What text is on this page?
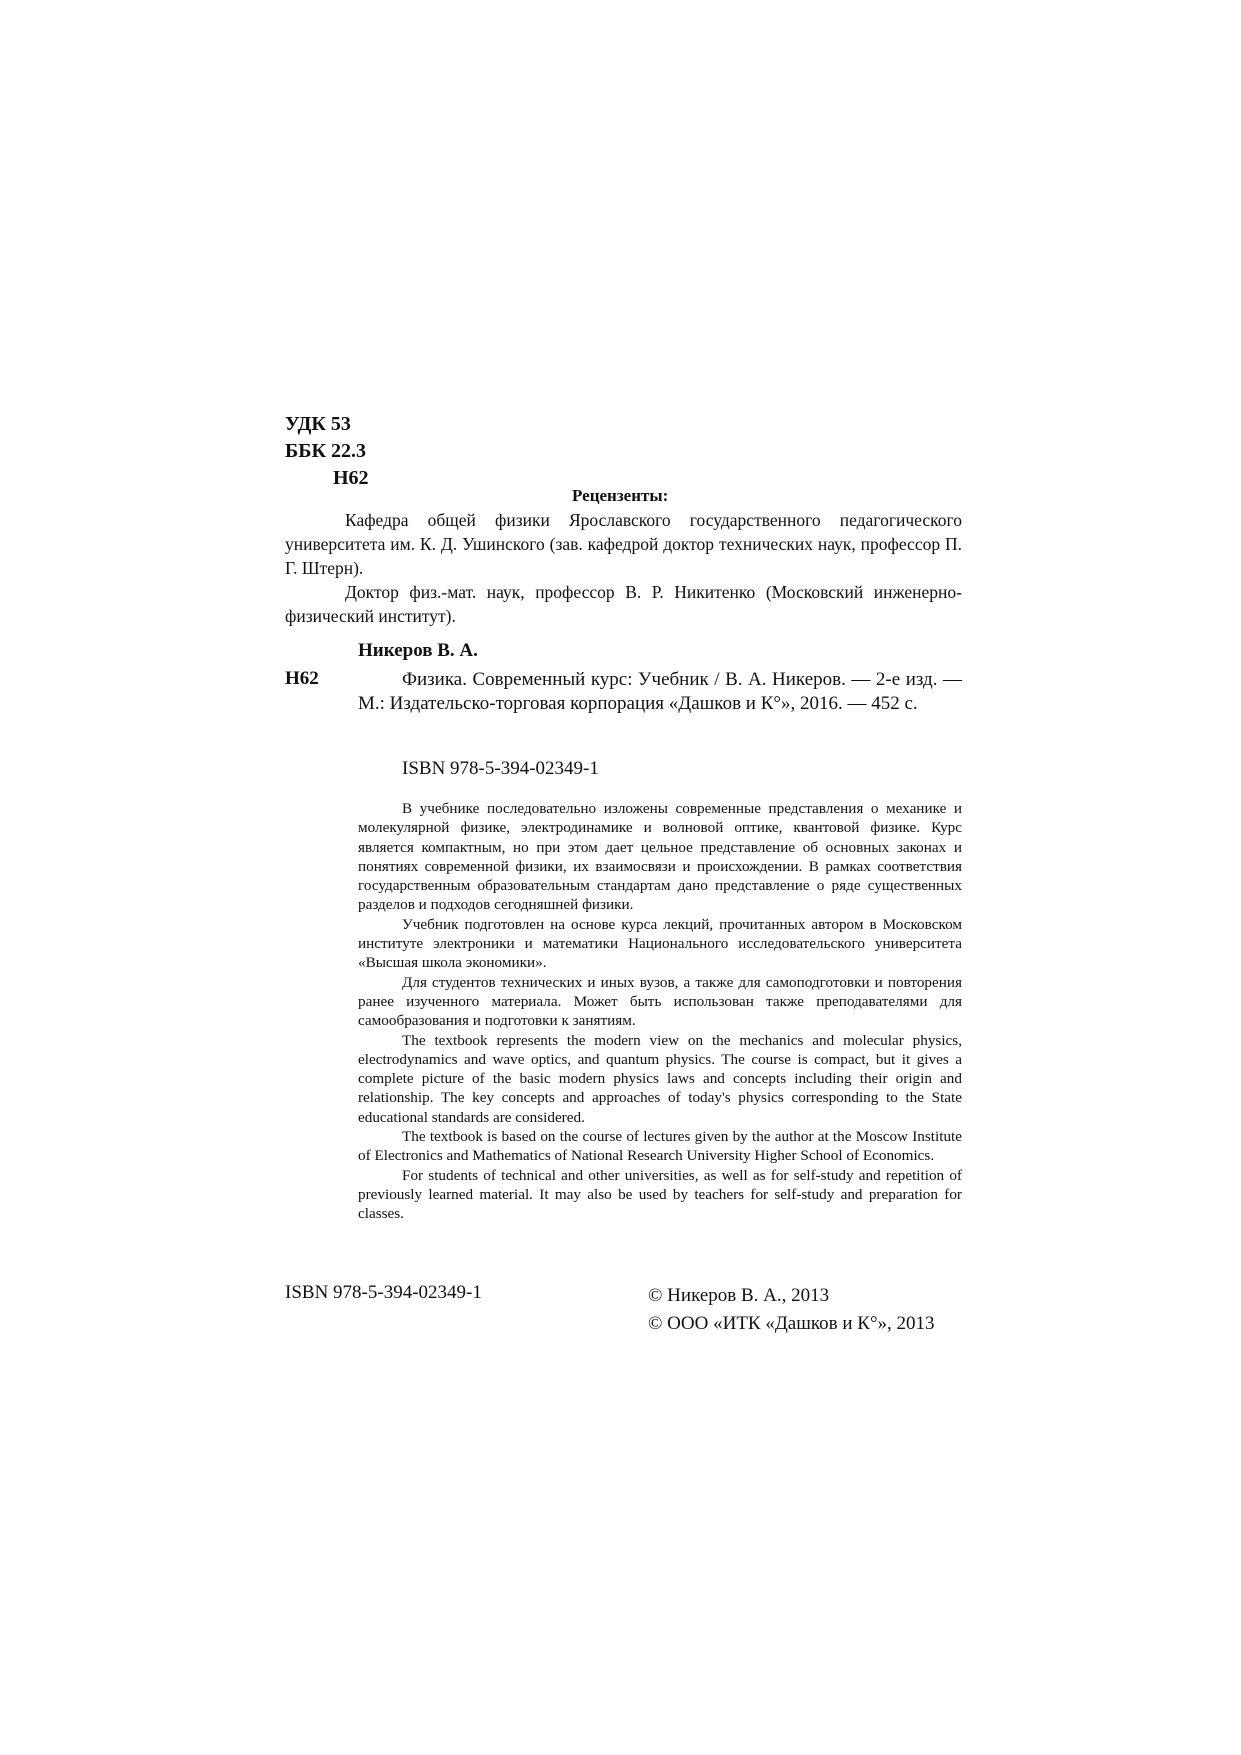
УДК 53
ББК 22.3
Н62
Рецензенты:

Кафедра общей физики Ярославского государственного педагогического университета им. К. Д. Ушинского (зав. кафедрой доктор технических наук, профессор П. Г. Штерн).

Доктор физ.-мат. наук, профессор В. Р. Никитенко (Московский инженерно-физический институт).

Никеров В. А.
Н62	Физика. Современный курс: Учебник / В. А. Никеров. — 2-е изд. — М.: Издательско-торговая корпорация «Дашков и К°», 2016. — 452 с.

ISBN 978-5-394-02349-1

В учебнике последовательно изложены современные представления о механике и молекулярной физике, электродинамике и волновой оптике, квантовой физике. Курс является компактным, но при этом дает цельное представление об основных законах и понятиях современной физики, их взаимосвязи и происхождении. В рамках соответствия государственным образовательным стандартам дано представление о ряде существенных разделов и подходов сегодняшней физики.

Учебник подготовлен на основе курса лекций, прочитанных автором в Московском институте электроники и математики Национального исследовательского университета «Высшая школа экономики».

Для студентов технических и иных вузов, а также для самоподготовки и повторения ранее изученного материала. Может быть использован также преподавателями для самообразования и подготовки к занятиям.

The textbook represents the modern view on the mechanics and molecular physics, electrodynamics and wave optics, and quantum physics. The course is compact, but it gives a complete picture of the basic modern physics laws and concepts including their origin and relationship. The key concepts and approaches of today's physics corresponding to the State educational standards are considered.

The textbook is based on the course of lectures given by the author at the Moscow Institute of Electronics and Mathematics of National Research University Higher School of Economics.

For students of technical and other universities, as well as for self-study and repetition of previously learned material. It may also be used by teachers for self-study and preparation for classes.

ISBN 978-5-394-02349-1	© Никеров В. А., 2013
© ООО «ИТК «Дашков и К°», 2013
